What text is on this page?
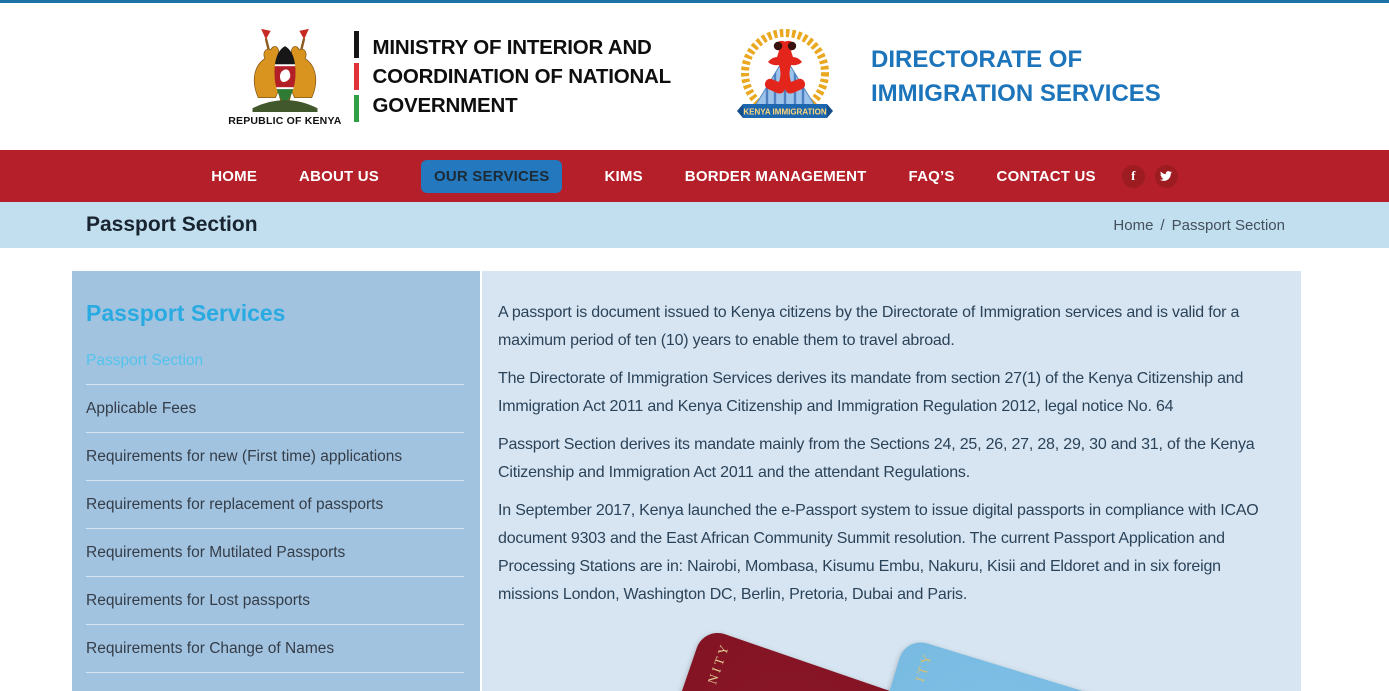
REPUBLIC OF KENYA
MINISTRY OF INTERIOR AND
COORDINATION OF NATIONAL
GOVERNMENT	KENYA IMMIGRATION
DIRECTORATE OF
IMMIGRATION SERVICES
HOME	ABOUT US	OUR SERVICES	KIMS	BORDER MANAGEMENT	FAQ’S	CONTACT US	f
Passport Section	Home / Passport Section
Passport Services
Passport Section
Applicable Fees
Requirements for new (First time) applications
Requirements for replacement of passports
Requirements for Mutilated Passports
Requirements for Lost passports
Requirements for Change of Names

A passport is document issued to Kenya citizens by the Directorate of Immigration services and is valid for a maximum period of ten (10) years to enable them to travel abroad.

The Directorate of Immigration Services derives its mandate from section 27(1) of the Kenya Citizenship and Immigration Act 2011 and Kenya Citizenship and Immigration Regulation 2012, legal notice No. 64

Passport Section derives its mandate mainly from the Sections 24, 25, 26, 27, 28, 29, 30 and 31, of the Kenya Citizenship and Immigration Act 2011 and the attendant Regulations.

In September 2017, Kenya launched the e-Passport system to issue digital passports in compliance with ICAO document 9303 and the East African Community Summit resolution. The current Passport Application and Processing Stations are in: Nairobi, Mombasa, Kisumu Embu, Nakuru, Kisii and Eldoret and in six foreign missions London, Washington DC, Berlin, Pretoria, Dubai and Paris.

NITY	ITY
